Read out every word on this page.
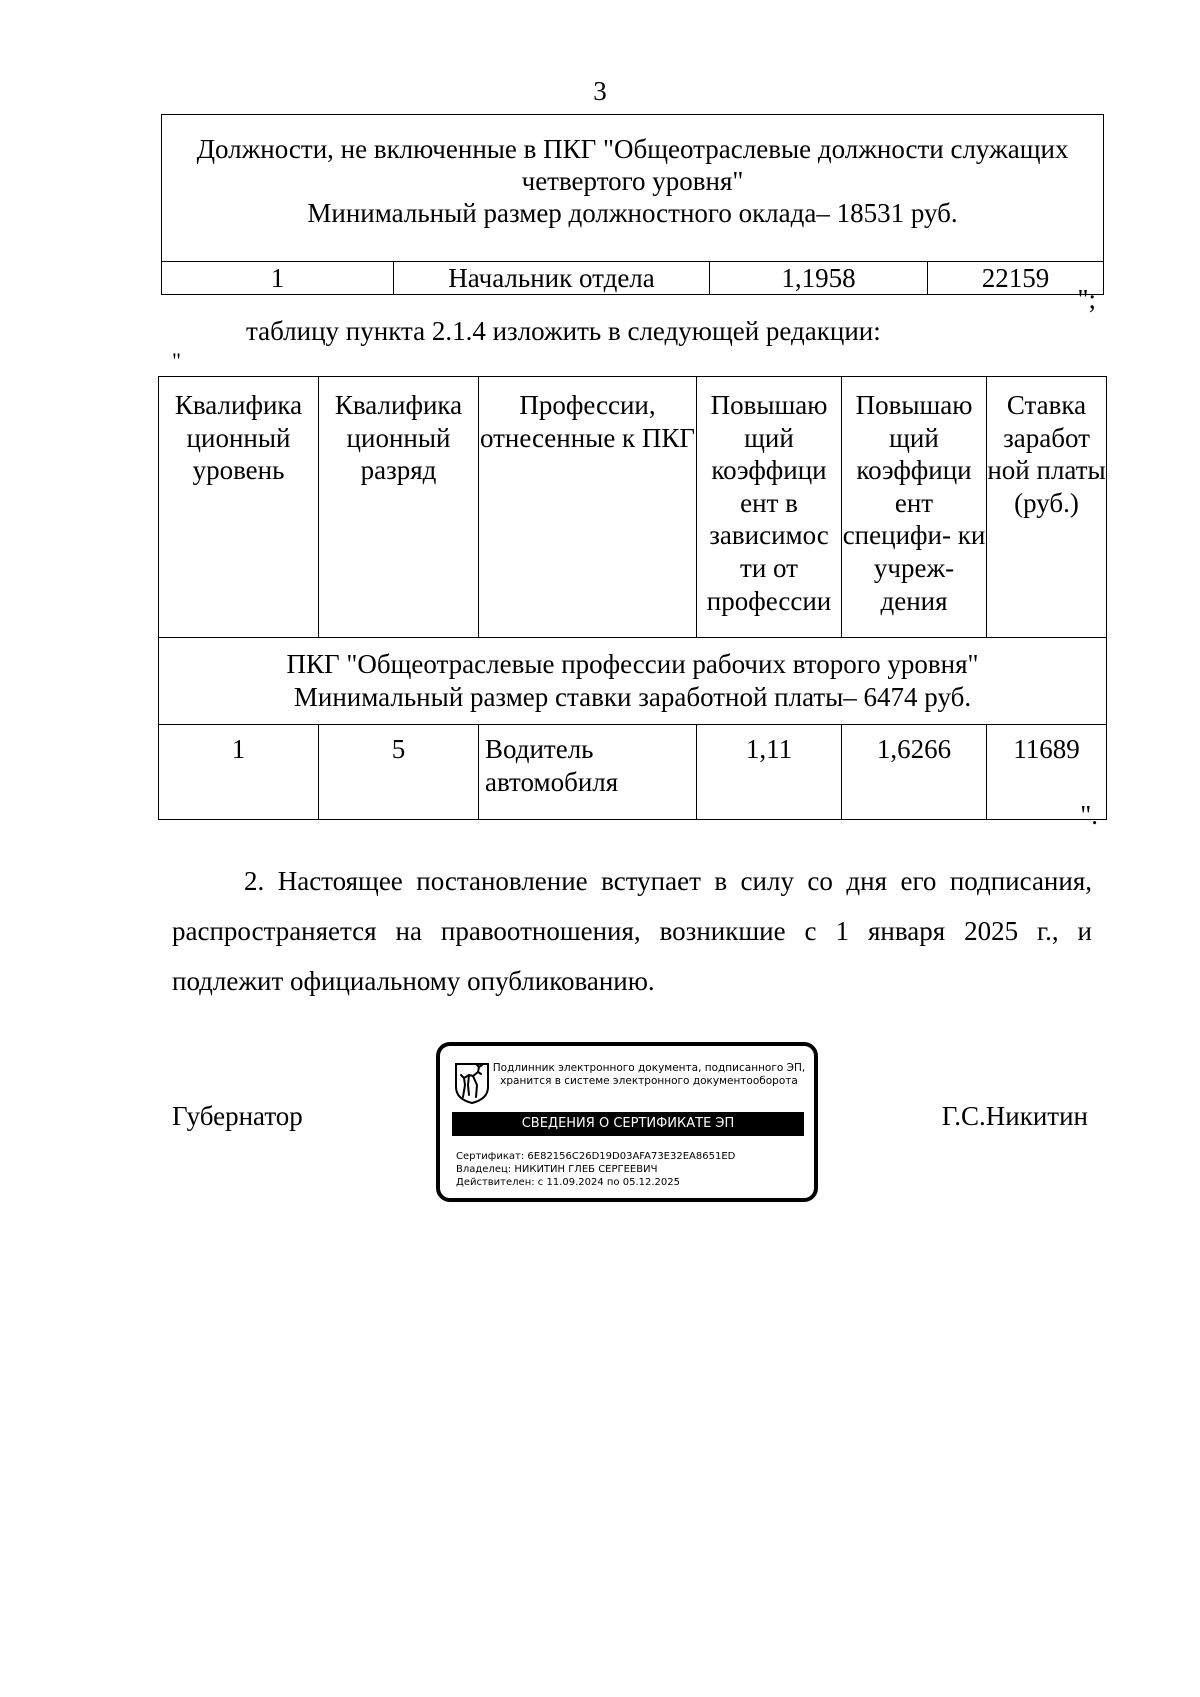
3
Должности, не включенные в ПКГ "Общеотраслевые должности служащих
четвертого уровня"
Минимальный размер должностного оклада– 18531 руб.

1	Начальник отдела	1,1958	22159
";
таблицу пункта 2.1.4 изложить в следующей редакции:
"
Квалифика ционный уровень	Квалифика ционный разряд	Профессии, отнесенные к ПКГ	Повышаю щий коэффици ент в зависимос ти от профессии	Повышаю щий коэффици ент специфи- ки учреж- дения	Ставка заработ ной платы (руб.)

ПКГ "Общеотраслевые профессии рабочих второго уровня"
Минимальный размер ставки заработной платы– 6474 руб.					

1	5	Водитель автомобиля	1,11	1,6266	11689
".
2. Настоящее постановление вступает в силу со дня его подписания, распространяется на правоотношения, возникшие с 1 января 2025 г., и подлежит официальному опубликованию.
Губернатор	Г.С.Никитин
Подлинник электронного документа, подписанного ЭП,
хранится в системе электронного документооборота
СВЕДЕНИЯ О СЕРТИФИКАТЕ ЭП
Сертификат: 6E82156C26D19D03AFA73E32EA8651ED
Владелец: НИКИТИН ГЛЕБ СЕРГЕЕВИЧ
Действителен: с 11.09.2024 по 05.12.2025
